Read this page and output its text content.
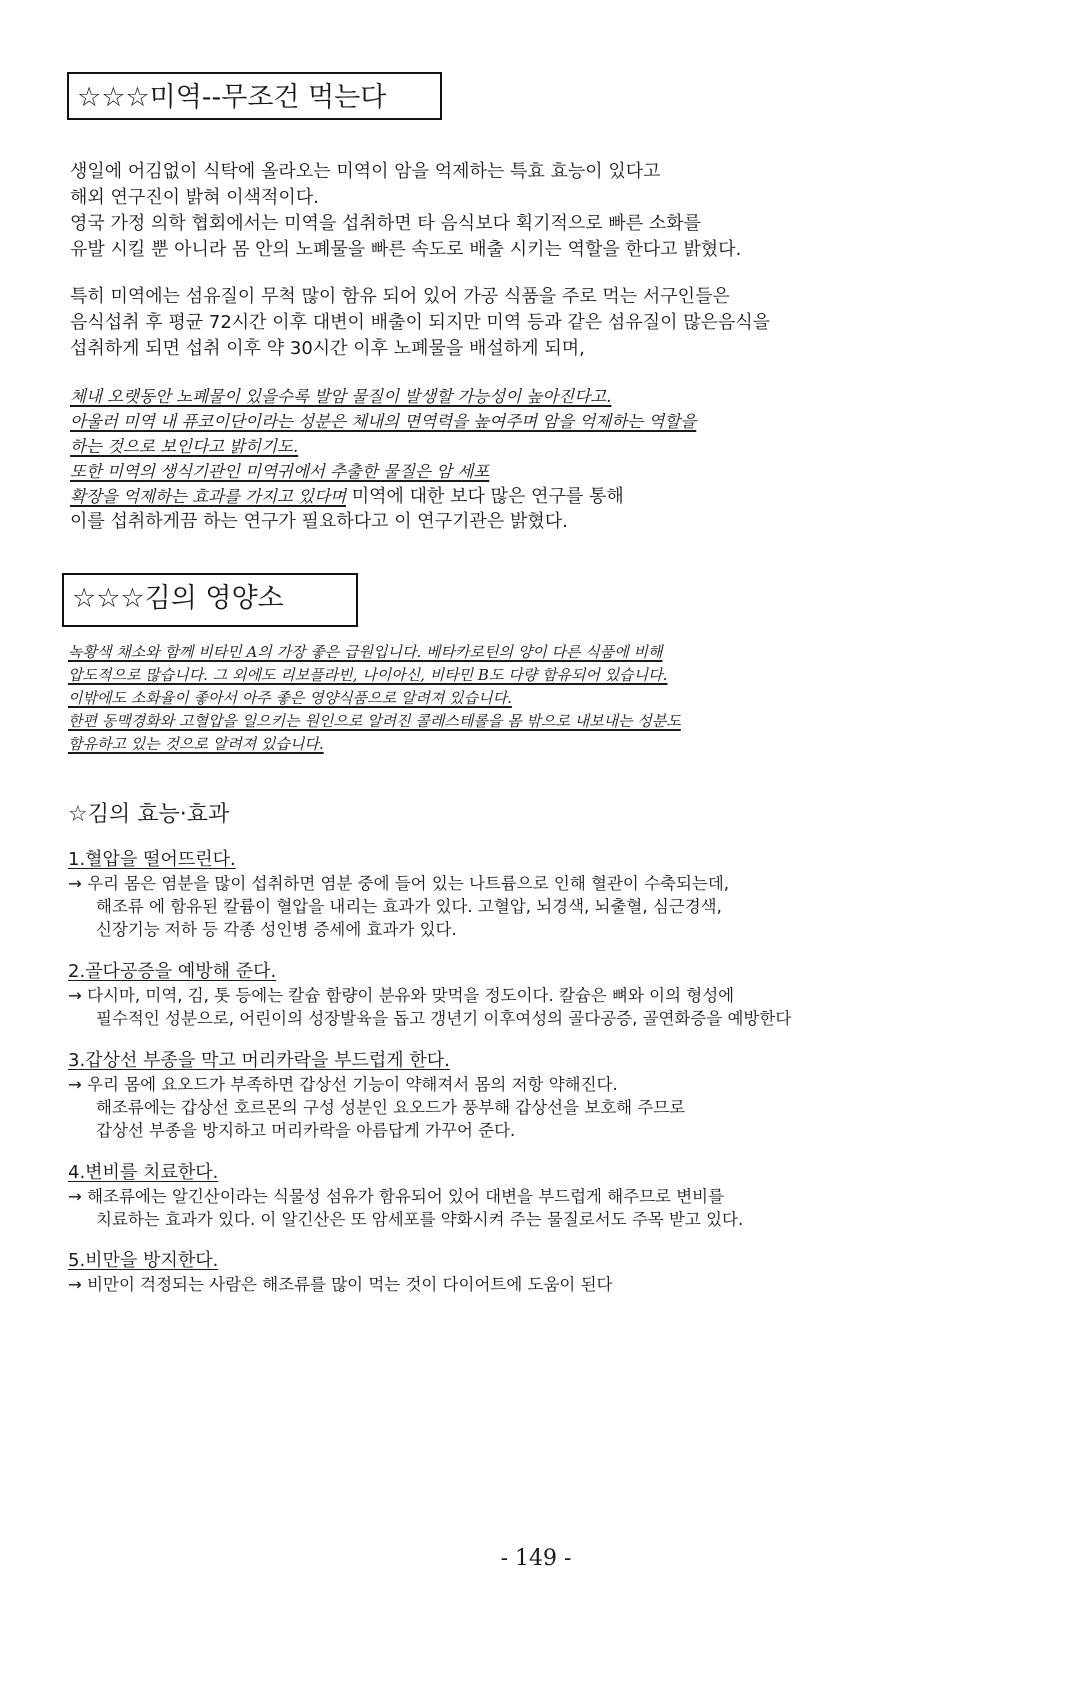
☆☆☆미역--무조건 먹는다
생일에 어김없이 식탁에 올라오는 미역이 암을 억제하는 특효 효능이 있다고
해외 연구진이 밝혀 이색적이다.
영국 가정 의학 협회에서는 미역을 섭취하면 타 음식보다 획기적으로 빠른 소화를
유발 시킬 뿐 아니라 몸 안의 노폐물을 빠른 속도로 배출 시키는 역할을 한다고 밝혔다.
특히 미역에는 섬유질이 무척 많이 함유 되어 있어 가공 식품을 주로 먹는 서구인들은
음식섭취 후 평균 72시간 이후 대변이 배출이 되지만 미역 등과 같은 섬유질이 많은음식을
섭취하게 되면 섭취 이후 약 30시간 이후 노폐물을 배설하게 되며,
체내 오랫동안 노폐물이 있을수록 발암 물질이 발생할 가능성이 높아진다고.
아울러 미역 내 퓨코이단이라는 성분은 체내의 면역력을 높여주며 암을 억제하는 역할을
하는 것으로 보인다고 밝히기도.
또한 미역의 생식기관인 미역귀에서 추출한 물질은 암 세포
확장을 억제하는 효과를 가지고 있다며 미역에 대한 보다 많은 연구를 통해
이를 섭취하게끔 하는 연구가 필요하다고 이 연구기관은 밝혔다.
☆☆☆김의 영양소
녹황색 채소와 함께 비타민 A의 가장 좋은 급원입니다. 베타카로틴의 양이 다른 식품에 비해
압도적으로 많습니다. 그 외에도 리보플라빈, 나이아신, 비타민 B도 다량 함유되어 있습니다.
이밖에도 소화율이 좋아서 아주 좋은 영양식품으로 알려져 있습니다.
한편 동맥경화와 고혈압을 일으키는 원인으로 알려진 콜레스테롤을 몸 밖으로 내보내는 성분도
함유하고 있는 것으로 알려져 있습니다.
☆김의 효능·효과
1.혈압을 떨어뜨린다.
→ 우리 몸은 염분을 많이 섭취하면 염분 중에 들어 있는 나트륨으로 인해 혈관이 수축되는데,
해조류 에 함유된 칼륨이 혈압을 내리는 효과가 있다. 고혈압, 뇌경색, 뇌출혈, 심근경색,
신장기능 저하 등 각종 성인병 증세에 효과가 있다.
2.골다공증을 예방해 준다.
→ 다시마, 미역, 김, 톳 등에는 칼슘 함량이 분유와 맞먹을 정도이다. 칼슘은 뼈와 이의 형성에
필수적인 성분으로, 어린이의 성장발육을 돕고 갱년기 이후여성의 골다공증, 골연화증을 예방한다
3.갑상선 부종을 막고 머리카락을 부드럽게 한다.
→ 우리 몸에 요오드가 부족하면 갑상선 기능이 약해져서 몸의 저항 약해진다.
해조류에는 갑상선 호르몬의 구성 성분인 요오드가 풍부해 갑상선을 보호해 주므로
갑상선 부종을 방지하고 머리카락을 아름답게 가꾸어 준다.
4.변비를 치료한다.
→ 해조류에는 알긴산이라는 식물성 섬유가 함유되어 있어 대변을 부드럽게 해주므로 변비를
치료하는 효과가 있다. 이 알긴산은 또 암세포를 약화시켜 주는 물질로서도 주목 받고 있다.
5.비만을 방지한다.
→ 비만이 걱정되는 사람은 해조류를 많이 먹는 것이 다이어트에 도움이 된다
- 149 -
